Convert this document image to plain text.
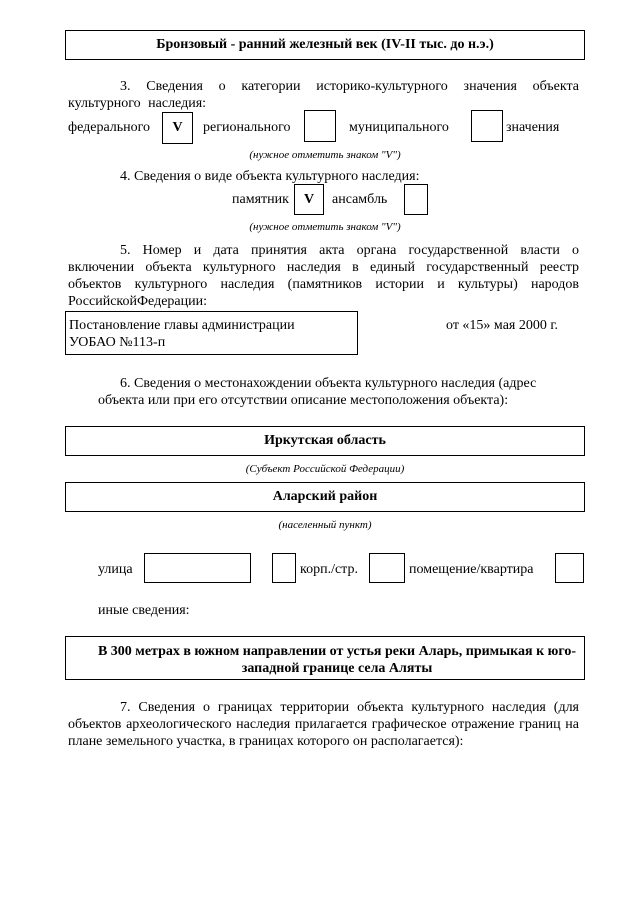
Бронзовый - ранний железный век (IV-II тыс. до н.э.)
3. Сведения о категории историко-культурного значения объекта культурного наследия:
федерального	V	регионального	муниципального	значения
(нужное отметить знаком "V")
4. Сведения о виде объекта культурного наследия:
памятник	V	ансамбль
(нужное отметить знаком "V")
5. Номер и дата принятия акта органа государственной власти о включении объекта культурного наследия в единый государственный реестр объектов культурного наследия (памятников истории и культуры) народов РоссийскойФедерации:
Постановление главы администрации
УОБАО №113-п
от «15» мая 2000 г.
6. Сведения о местонахождении объекта культурного наследия (адрес объекта или при его отсутствии описание местоположения объекта):
Иркутская область
(Субъект Российской Федерации)
Аларский район
(населенный пункт)
улица	корп./стр.	помещение/квартира
иные сведения:
В 300 метрах в южном направлении от устья реки Аларь, примыкая к юго-западной границе села Аляты
7. Сведения о границах территории объекта культурного наследия (для объектов археологического наследия прилагается графическое отражение границ на плане земельного участка, в границах которого он располагается):
